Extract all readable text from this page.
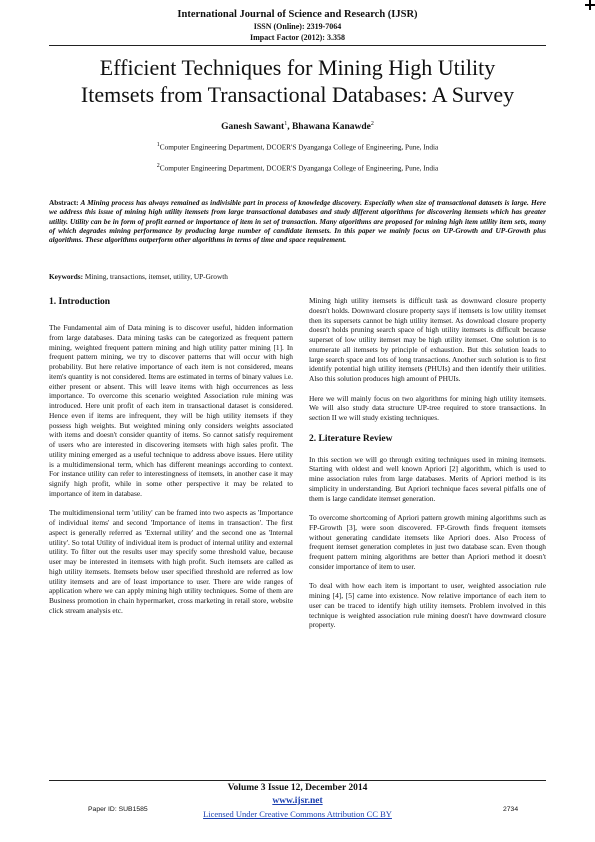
International Journal of Science and Research (IJSR)
ISSN (Online): 2319-7064
Impact Factor (2012): 3.358
Efficient Techniques for Mining High Utility
Itemsets from Transactional Databases: A Survey
Ganesh Sawant$^1$, Bhawana Kanawde$^2$
$^1$Computer Engineering Department, DCOER'S Dyanganga College of Engineering, Pune, India
$^2$Computer Engineering Department, DCOER'S Dyanganga College of Engineering, Pune, India
Abstract: A Mining process has always remained as indivisible part in process of knowledge discovery. Especially when size of transactional datasets is large. Here we address this issue of mining high utility itemsets from large transactional databases and study different algorithms for discovering itemsets which has greater utility. Utility can be in form of profit earned or importance of item in set of transaction. Many algorithms are proposed for mining high item utility item sets, many of which degrades mining performance by producing large number of candidate itemsets. In this paper we mainly focus on UP-Growth and UP-Growth plus algorithms. These algorithms outperform other algorithms in terms of time and space requirement.
Keywords: Mining, transactions, itemset, utility, UP-Growth
1. Introduction

The Fundamental aim of Data mining is to discover useful, hidden information from large databases. Data mining tasks can be categorized as frequent pattern mining, weighted frequent pattern mining and high utility patter mining [1]. In frequent pattern mining, we try to discover patterns that will occur with high probability. But here relative importance of each item is not considered, means item's quantity is not considered. Items are estimated in terms of binary values i.e. either present or absent. This will leave items with high occurrences as less importance. To overcome this scenario weighted Association rule mining was introduced. Here unit profit of each item in transactional dataset is considered. Hence even if items are infrequent, they will be high utility itemsets if they possess high weights. But weighted mining only considers weights associated with items and doesn't consider quantity of items. So cannot satisfy requirement of users who are interested in discovering itemsets with high sales profit. The utility mining emerged as a useful technique to address above issues. Here utility is a multidimensional term, which has different meanings according to context. For instance utility can refer to interestingness of itemsets, in another case it may signify high profit, while in some other perspective it may be related to importance of item in database.

The multidimensional term 'utility' can be framed into two aspects as 'Importance of individual items' and second 'Importance of items in transaction'. The first aspect is generally referred as 'External utility' and the second one as 'Internal utility'. So total Utility of individual item is product of internal utility and external utility. To filter out the results user may specify some threshold value, because user may be interested in itemsets with high profit. Such itemsets are called as high utility itemsets. Itemsets below user specified threshold are referred as low utility itemsets and are of least importance to user. There are wide ranges of application where we can apply mining high utility techniques. Some of them are Business promotion in chain hypermarket, cross marketing in retail store, website click stream analysis etc.

Mining high utility itemsets is difficult task as downward closure property doesn't holds. Downward closure property says if itemsets is low utility itemset then its supersets cannot be high utility itemset. As download closure property doesn't holds pruning search space of high utility itemsets is difficult because superset of low utility itemset may be high utility itemset. One solution is to enumerate all itemsets by principle of exhaustion. But this solution leads to large search space and lots of long transactions. Another such solution is to first identify potential high utility itemsets (PHUIs) and then identify their utilities. Also this solution produces high amount of PHUIs.

Here we will mainly focus on two algorithms for mining high utility itemsets. We will also study data structure UP-tree required to store transactions. In section II we will study existing techniques.

2. Literature Review

In this section we will go through exiting techniques used in mining itemsets. Starting with oldest and well known Apriori [2] algorithm, which is used to mine association rules from large databases. Merits of Apriori method is its simplicity in understanding. But Apriori technique faces several pitfalls one of them is large candidate itemset generation.

To overcome shortcoming of Apriori pattern growth mining algorithms such as FP-Growth [3], were soon discovered. FP-Growth finds frequent itemsets without generating candidate itemsets like Apriori does. Also Process of frequent itemset generation completes in just two database scan. Even though frequent pattern mining algorithms are better than Apriori method it doesn't consider importance of item to user.

To deal with how each item is important to user, weighted association rule mining [4], [5] came into existence. Now relative importance of each item to user can be traced to identify high utility itemsets. Problem involved in this technique is weighted association rule mining doesn't have downward closure property.

Volume 3 Issue 12, December 2014
www.ijsr.net
Licensed Under Creative Commons Attribution CC BY
Paper ID: SUB1585	2734
